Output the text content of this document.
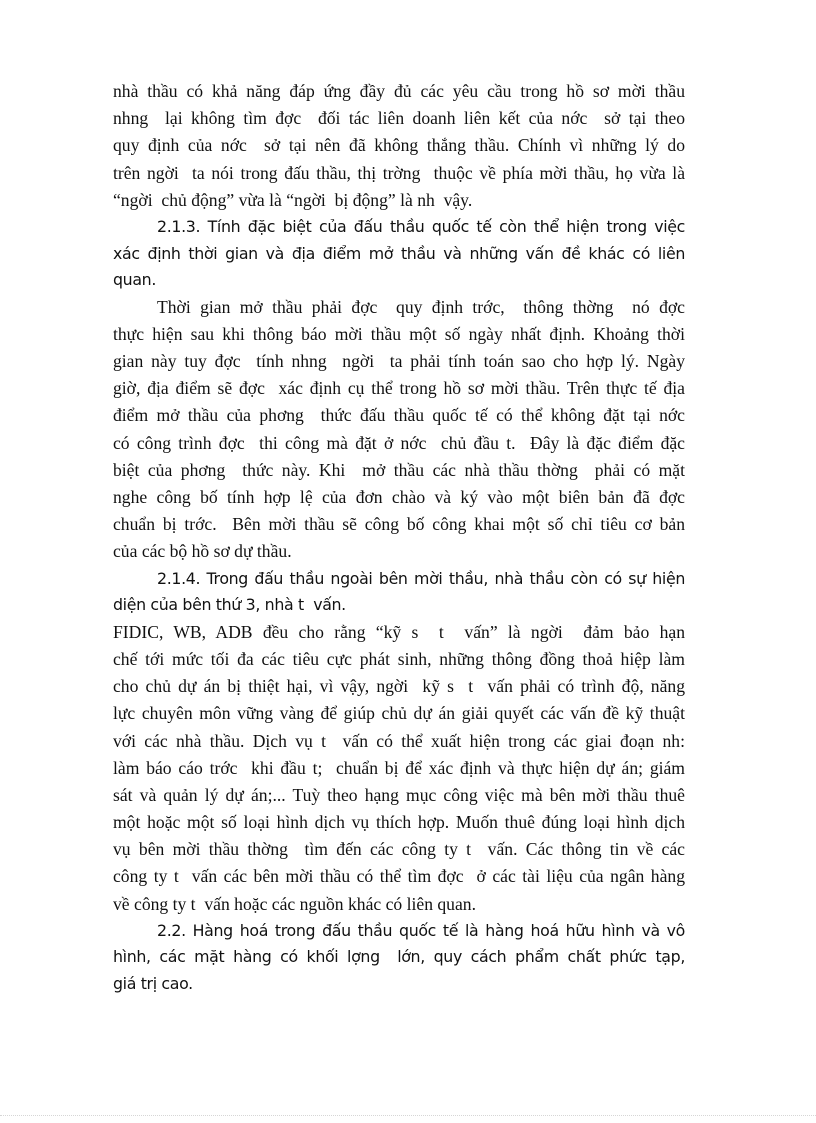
nhà thầu có khả năng đáp ứng đầy đủ các yêu cầu trong hồ sơ mời thầu
nhng  lại không tìm đợc  đối tác liên doanh liên kết của nớc  sở tại theo
quy định của nớc  sở tại nên đã không thắng thầu. Chính vì những lý do
trên ngời  ta nói trong đấu thầu, thị trờng  thuộc về phía mời thầu, họ vừa là
“ngời  chủ động” vừa là “ngời  bị động” là nh  vậy.
2.1.3. Tính đặc biệt của đấu thầu quốc tế còn thể hiện trong việc
xác định thời gian và địa điểm mở thầu và những vấn đề khác có liên
quan.
Thời gian mở thầu phải đợc  quy định trớc,  thông thờng  nó đợc
thực hiện sau khi thông báo mời thầu một số ngày nhất định. Khoảng thời
gian này tuy đợc  tính nhng  ngời  ta phải tính toán sao cho hợp lý. Ngày
giờ, địa điểm sẽ đợc  xác định cụ thể trong hồ sơ mời thầu. Trên thực tế địa
điểm mở thầu của phơng  thức đấu thầu quốc tế có thể không đặt tại nớc
có công trình đợc  thi công mà đặt ở nớc  chủ đầu t.  Đây là đặc điểm đặc
biệt của phơng  thức này. Khi  mở thầu các nhà thầu thờng  phải có mặt
nghe công bố tính hợp lệ của đơn chào và ký vào một biên bản đã đợc
chuẩn bị trớc.  Bên mời thầu sẽ công bố công khai một số chỉ tiêu cơ bản
của các bộ hồ sơ dự thầu.
2.1.4. Trong đấu thầu ngoài bên mời thầu, nhà thầu còn có sự hiện
diện của bên thứ 3, nhà t  vấn.
FIDIC, WB, ADB đều cho rằng “kỹ s  t  vấn” là ngời  đảm bảo hạn
chế tới mức tối đa các tiêu cực phát sinh, những thông đồng thoả hiệp làm
cho chủ dự án bị thiệt hại, vì vậy, ngời  kỹ s  t  vấn phải có trình độ, năng
lực chuyên môn vững vàng để giúp chủ dự án giải quyết các vấn đề kỹ thuật
với các nhà thầu. Dịch vụ t  vấn có thể xuất hiện trong các giai đoạn nh:
làm báo cáo trớc  khi đầu t;  chuẩn bị để xác định và thực hiện dự án; giám
sát và quản lý dự án;... Tuỳ theo hạng mục công việc mà bên mời thầu thuê
một hoặc một số loại hình dịch vụ thích hợp. Muốn thuê đúng loại hình dịch
vụ bên mời thầu thờng  tìm đến các công ty t  vấn. Các thông tin về các
công ty t  vấn các bên mời thầu có thể tìm đợc  ở các tài liệu của ngân hàng
về công ty t  vấn hoặc các nguồn khác có liên quan.
2.2. Hàng hoá trong đấu thầu quốc tế là hàng hoá hữu hình và vô
hình, các mặt hàng có khối lợng  lớn, quy cách phẩm chất phức tạp,
giá trị cao.
